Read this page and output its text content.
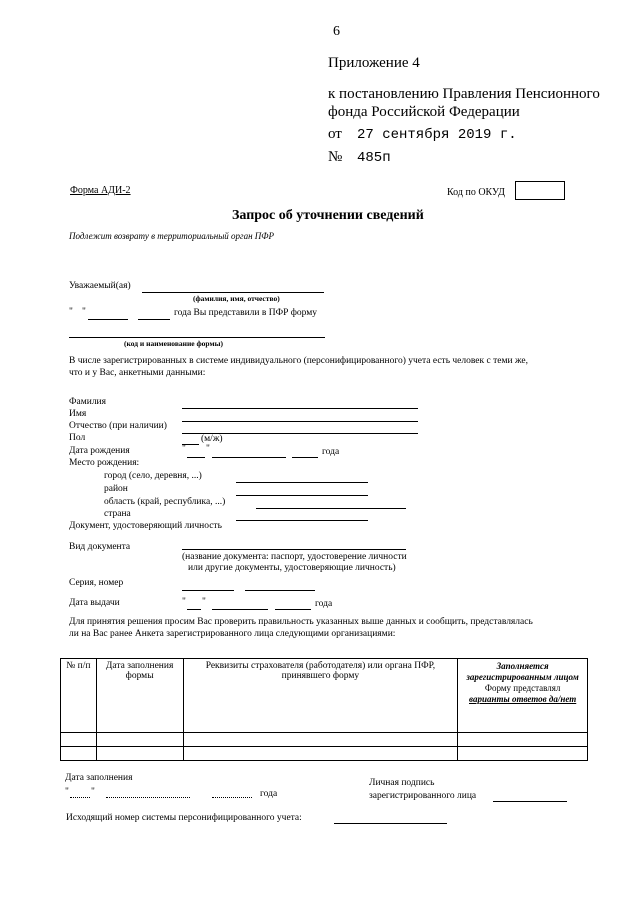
6
Приложение 4
к постановлению Правления Пенсионного
фонда Российской Федерации
от 27 сентября 2019 г.
№ 485п
Форма АДИ-2	Код по ОКУД
Запрос об уточнении сведений
Подлежит возврату в территориальный орган ПФР
Уважаемый(ая)
(фамилия, имя, отчество)
" "	года Вы представили в ПФР форму
(код и наименование формы)
В числе зарегистрированных в системе индивидуального (персонифицированного) учета есть человек с теми же,
что и у Вас, анкетными данными:
Фамилия
Имя
Отчество (при наличии)
Пол	(м/ж)
Дата рождения	" "	года
Место рождения:
город (село, деревня, ...)
район
область (край, республика, ...)
страна
Документ, удостоверяющий личность
Вид документа
(название документа: паспорт, удостоверение личности
или другие документы, удостоверяющие личность)
Серия, номер
Дата выдачи	" "	года
Для принятия решения просим Вас проверить правильность указанных выше данных и сообщить, представлялась
ли на Вас ранее Анкета зарегистрированного лица следующими организациями:
№ п/п	Дата заполнения формы	Реквизиты страхователя (работодателя) или органа ПФР, принявшего форму	Заполняется зарегистрированным лицом
Форму представлял
варианты ответов да/нет

Дата заполнения
" "	года
Личная подпись
зарегистрированного лица
Исходящий номер системы персонифицированного учета:
